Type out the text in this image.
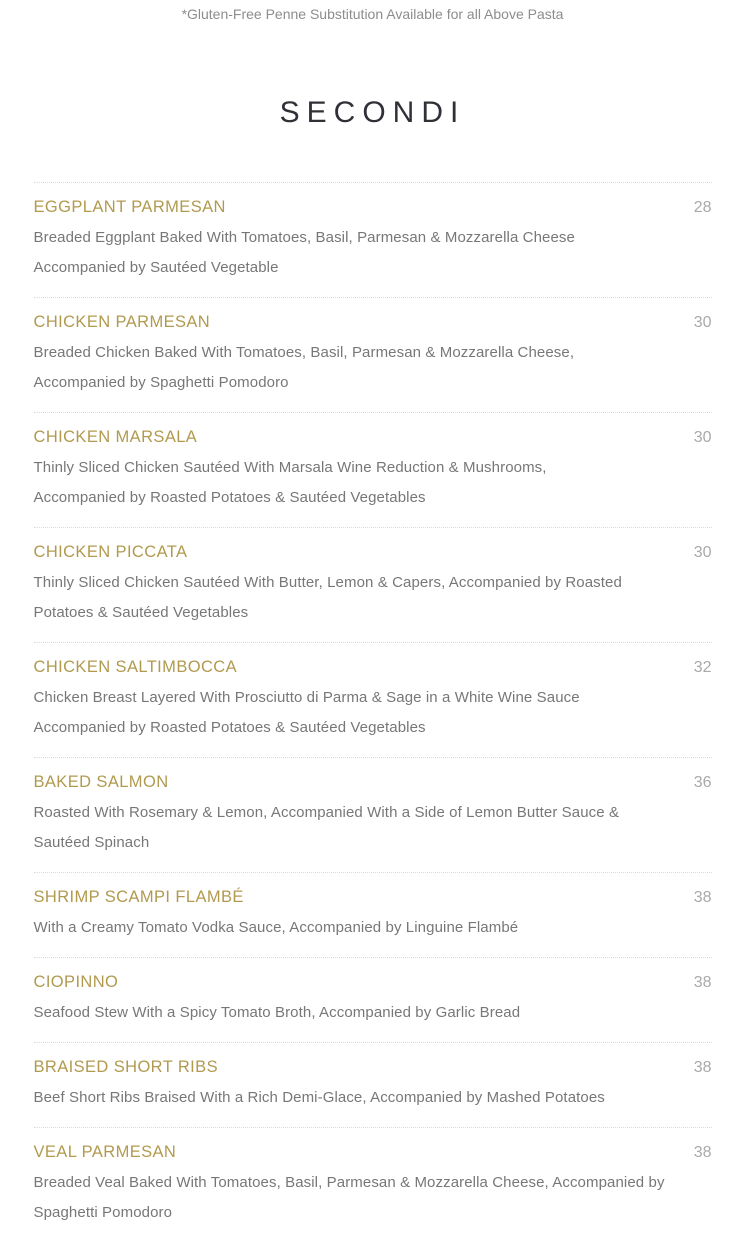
*Gluten-Free Penne Substitution Available for all Above Pasta
SECONDI
EGGPLANT PARMESAN	28
Breaded Eggplant Baked With Tomatoes, Basil, Parmesan & Mozzarella Cheese
Accompanied by Sautéed Vegetable
CHICKEN PARMESAN	30
Breaded Chicken Baked With Tomatoes, Basil, Parmesan & Mozzarella Cheese,
Accompanied by Spaghetti Pomodoro
CHICKEN MARSALA	30
Thinly Sliced Chicken Sautéed With Marsala Wine Reduction & Mushrooms,
Accompanied by Roasted Potatoes & Sautéed Vegetables
CHICKEN PICCATA	30
Thinly Sliced Chicken Sautéed With Butter, Lemon & Capers, Accompanied by Roasted
Potatoes & Sautéed Vegetables
CHICKEN SALTIMBOCCA	32
Chicken Breast Layered With Prosciutto di Parma & Sage in a White Wine Sauce
Accompanied by Roasted Potatoes & Sautéed Vegetables
BAKED SALMON	36
Roasted With Rosemary & Lemon, Accompanied With a Side of Lemon Butter Sauce &
Sautéed Spinach
SHRIMP SCAMPI FLAMBÉ	38
With a Creamy Tomato Vodka Sauce, Accompanied by Linguine Flambé
CIOPINNO	38
Seafood Stew With a Spicy Tomato Broth, Accompanied by Garlic Bread
BRAISED SHORT RIBS	38
Beef Short Ribs Braised With a Rich Demi-Glace, Accompanied by Mashed Potatoes
VEAL PARMESAN	38
Breaded Veal Baked With Tomatoes, Basil, Parmesan & Mozzarella Cheese, Accompanied by
Spaghetti Pomodoro
